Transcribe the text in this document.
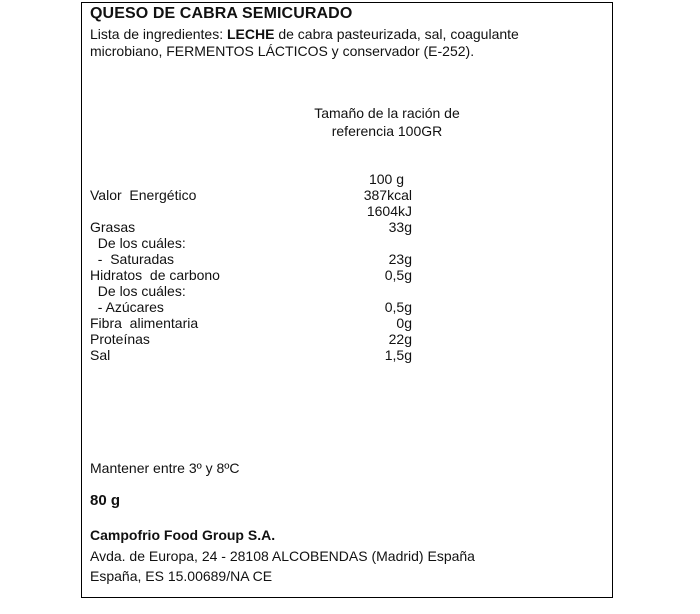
QUESO DE CABRA SEMICURADO
Lista de ingredientes: LECHE de cabra pasteurizada, sal, coagulante
microbiano, FERMENTOS LÁCTICOS y conservador (E-252).
Tamaño de la ración de
referencia 100GR
100 g
Valor  Energético	387kcal
1604kJ
Grasas	33g
De los cuáles:
-  Saturadas	23g
Hidratos  de carbono	0,5g
De los cuáles:
- Azúcares	0,5g
Fibra  alimentaria	0g
Proteínas	22g
Sal	1,5g
Mantener entre 3º y 8ºC
80 g
Campofrio Food Group S.A.
Avda. de Europa, 24 - 28108 ALCOBENDAS (Madrid) España
España, ES 15.00689/NA CE
